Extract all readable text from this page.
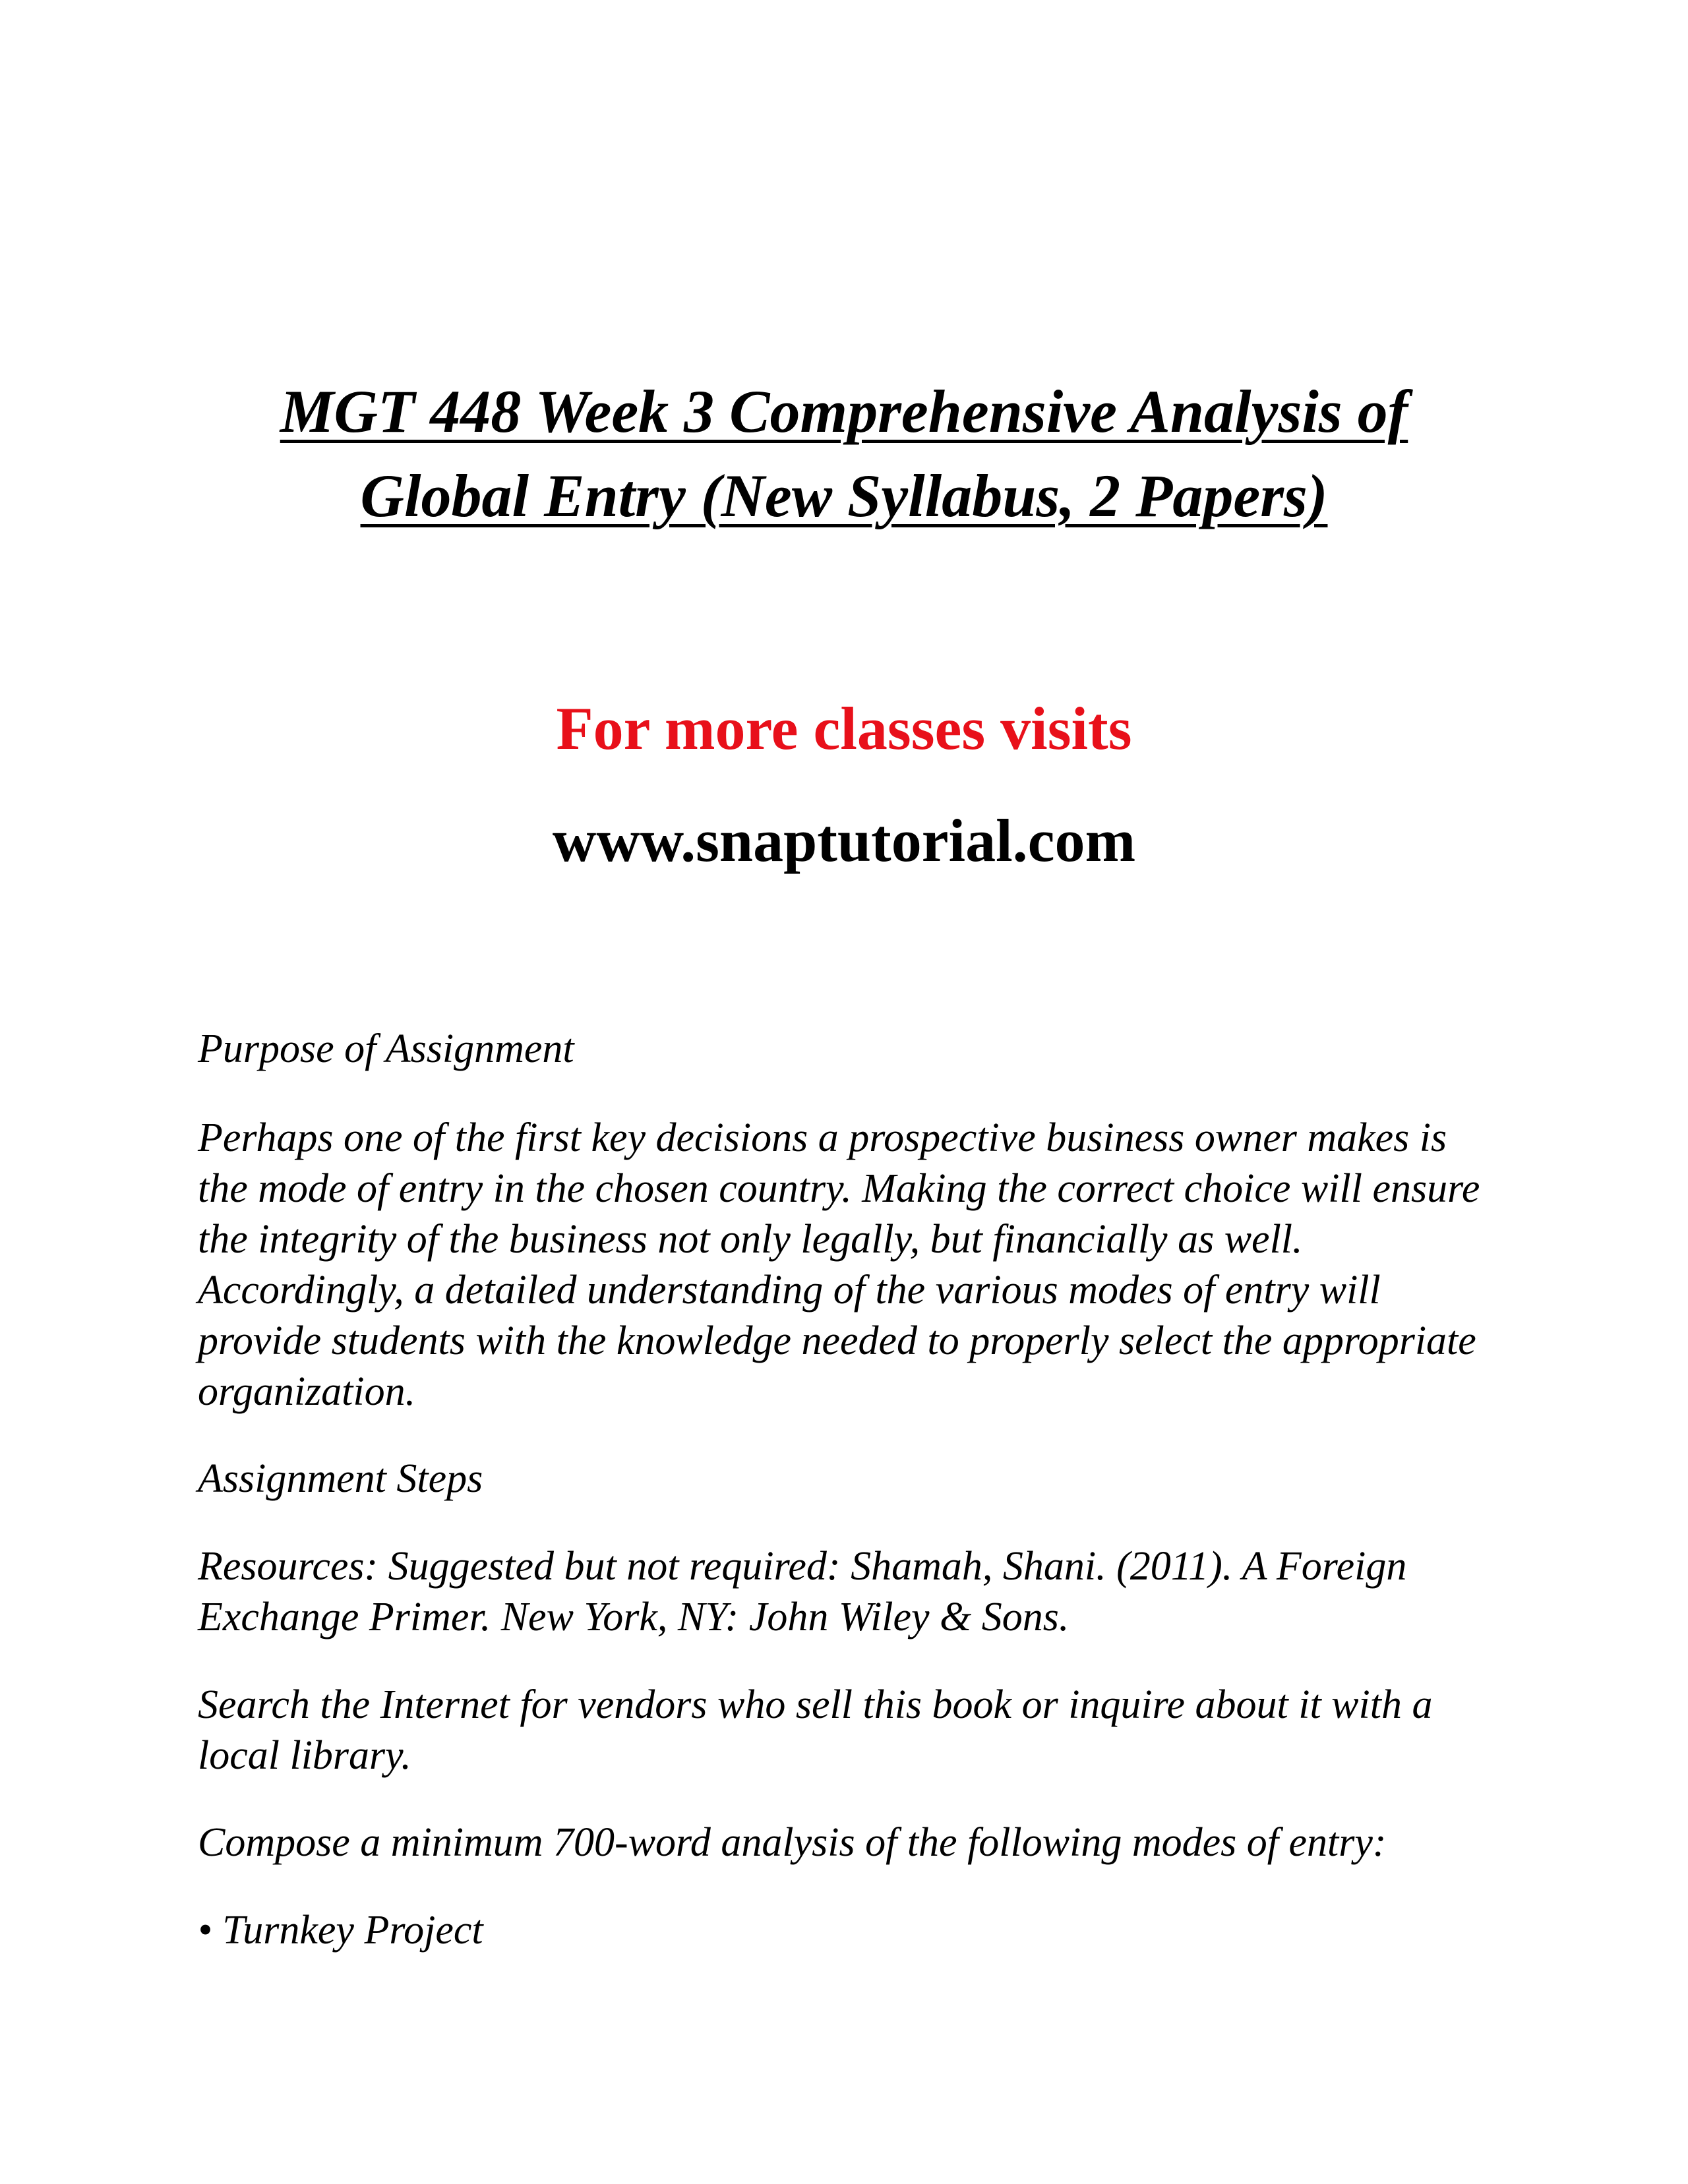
MGT 448 Week 3 Comprehensive Analysis of
Global Entry (New Syllabus, 2 Papers)

For more classes visits

www.snaptutorial.com

Purpose of Assignment

Perhaps one of the first key decisions a prospective business owner makes is the mode of entry in the chosen country. Making the correct choice will ensure the integrity of the business not only legally, but financially as well. Accordingly, a detailed understanding of the various modes of entry will provide students with the knowledge needed to properly select the appropriate organization.

Assignment Steps

Resources: Suggested but not required: Shamah, Shani. (2011). A Foreign Exchange Primer. New York, NY: John Wiley & Sons.

Search the Internet for vendors who sell this book or inquire about it with a local library.

Compose a minimum 700-word analysis of the following modes of entry:

• Turnkey Project
